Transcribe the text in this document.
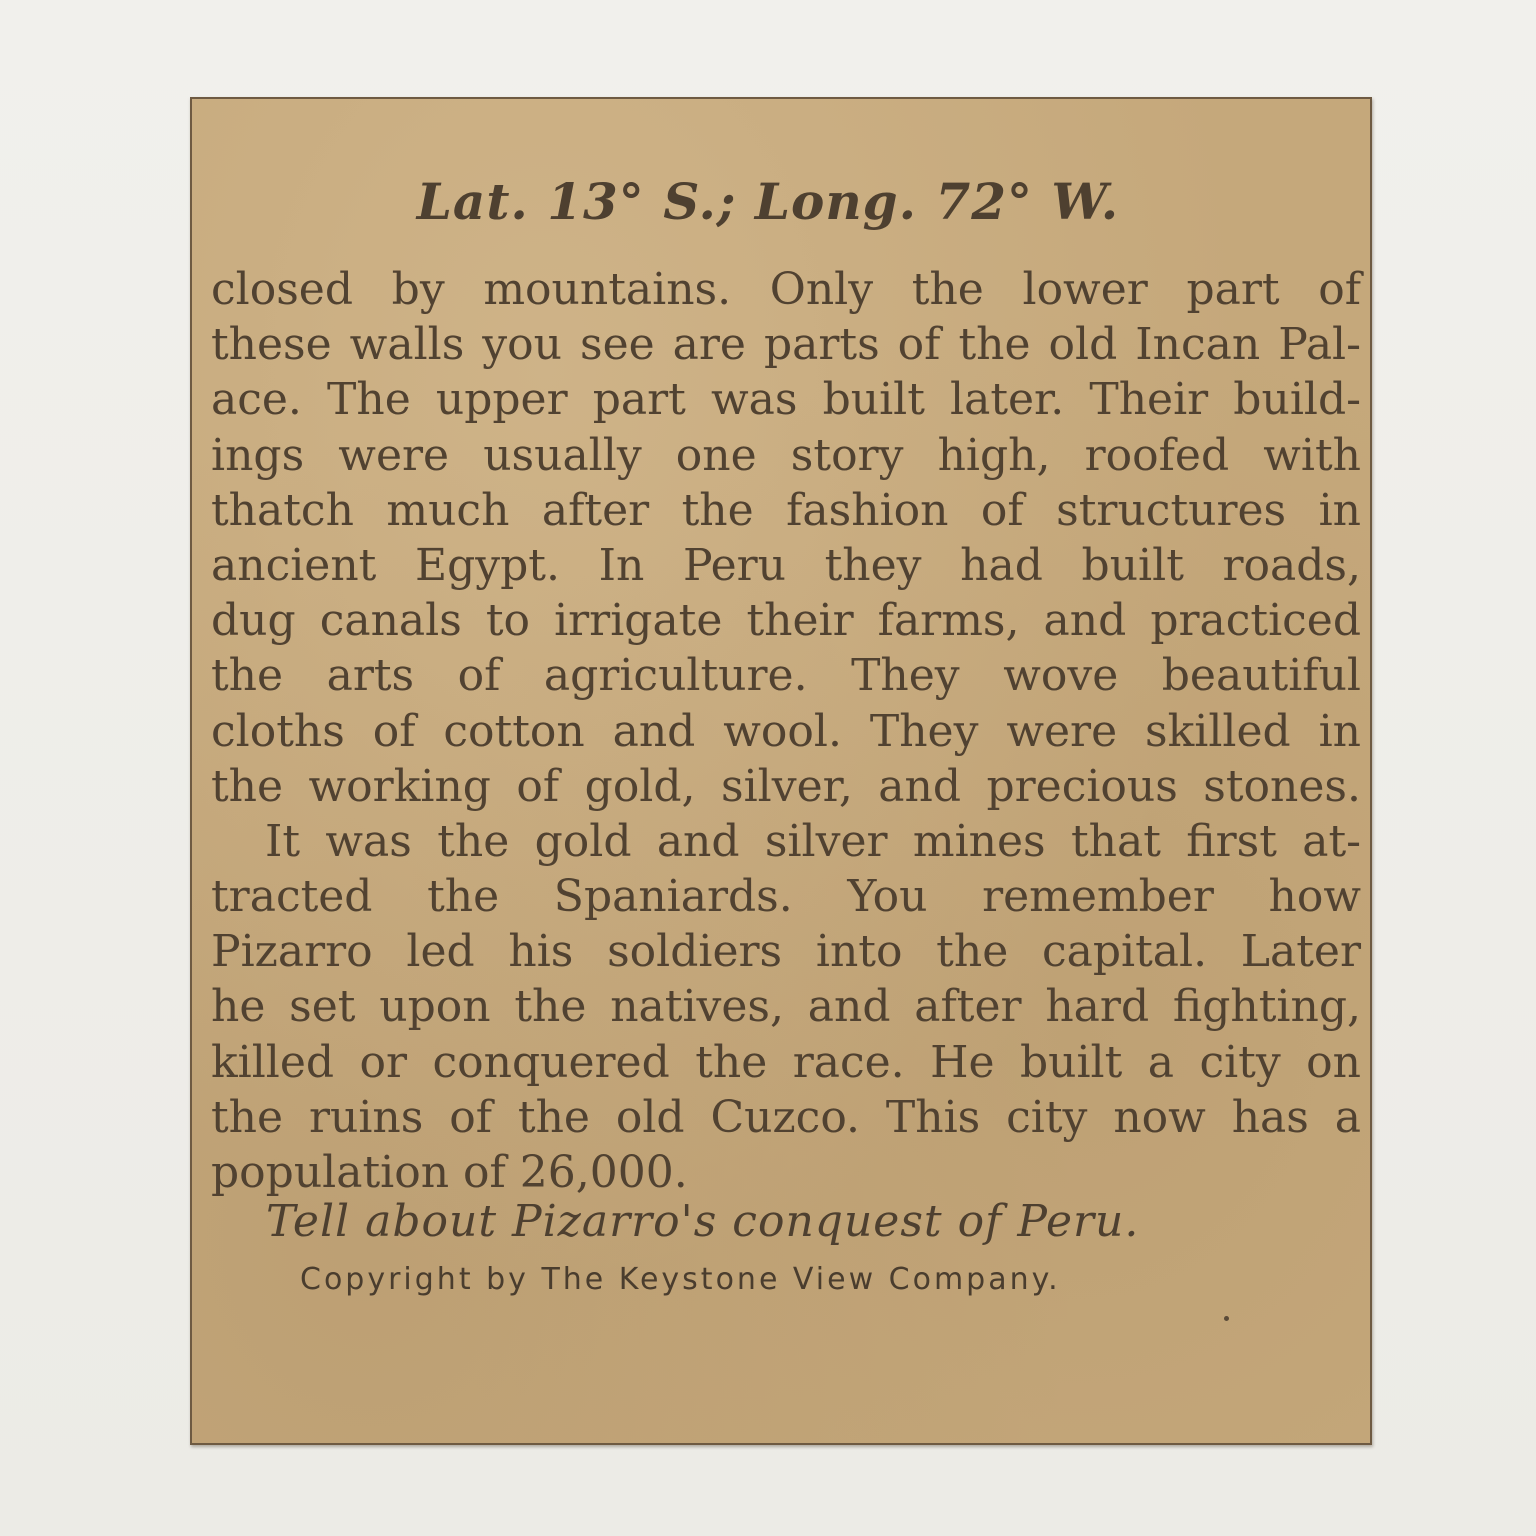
Lat. 13° S.; Long. 72° W.
closed by mountains. Only the lower part of
these walls you see are parts of the old Incan Pal-
ace. The upper part was built later. Their build-
ings were usually one story high, roofed with
thatch much after the fashion of structures in
ancient Egypt. In Peru they had built roads,
dug canals to irrigate their farms, and practiced
the arts of agriculture. They wove beautiful
cloths of cotton and wool. They were skilled in
the working of gold, silver, and precious stones.
It was the gold and silver mines that first at-
tracted the Spaniards. You remember how
Pizarro led his soldiers into the capital. Later
he set upon the natives, and after hard fighting,
killed or conquered the race. He built a city on
the ruins of the old Cuzco. This city now has a
population of 26,000.
Tell about Pizarro's conquest of Peru.
Copyright by The Keystone View Company.
